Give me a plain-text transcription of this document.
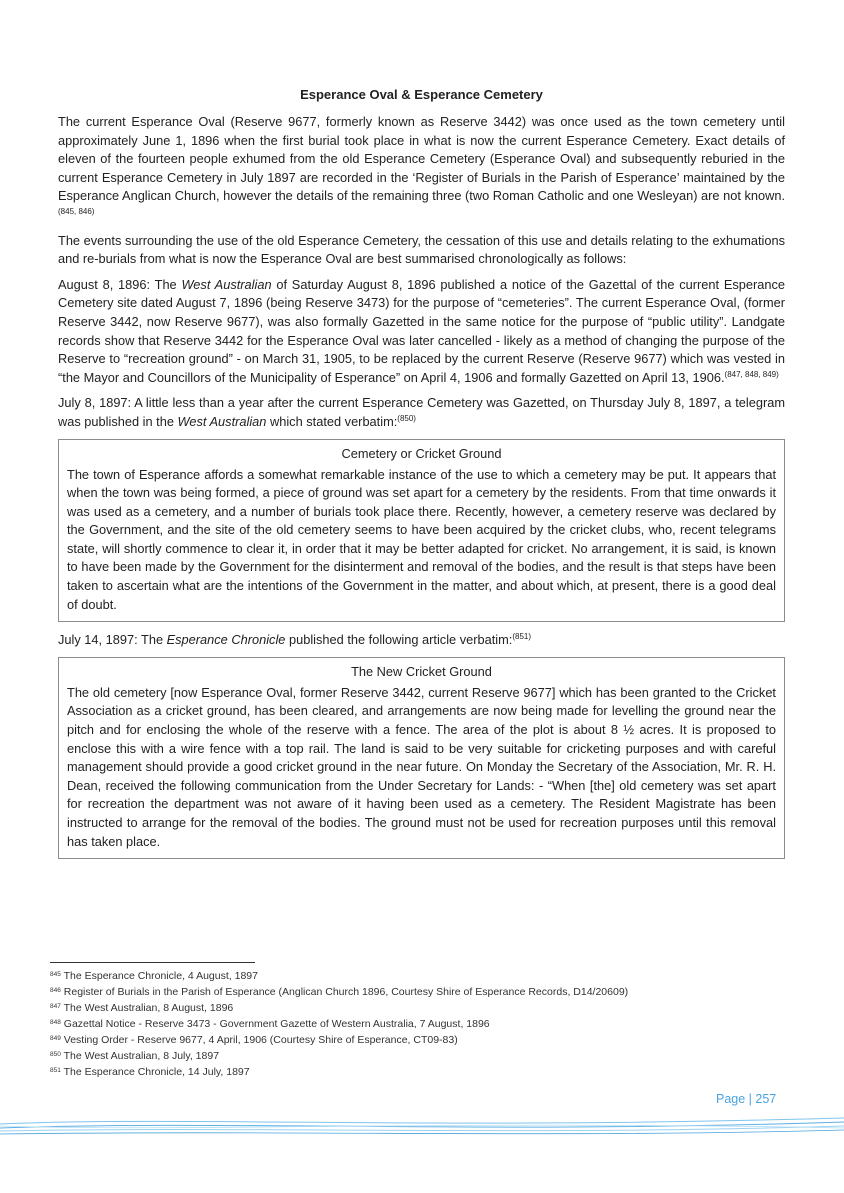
Esperance Oval & Esperance Cemetery

The current Esperance Oval (Reserve 9677, formerly known as Reserve 3442) was once used as the town cemetery until approximately June 1, 1896 when the first burial took place in what is now the current Esperance Cemetery. Exact details of eleven of the fourteen people exhumed from the old Esperance Cemetery (Esperance Oval) and subsequently reburied in the current Esperance Cemetery in July 1897 are recorded in the ‘Register of Burials in the Parish of Esperance’ maintained by the Esperance Anglican Church, however the details of the remaining three (two Roman Catholic and one Wesleyan) are not known.$^{(845, 846)}$

The events surrounding the use of the old Esperance Cemetery, the cessation of this use and details relating to the exhumations and re-burials from what is now the Esperance Oval are best summarised chronologically as follows:

August 8, 1896: The West Australian of Saturday August 8, 1896 published a notice of the Gazettal of the current Esperance Cemetery site dated August 7, 1896 (being Reserve 3473) for the purpose of “cemeteries”. The current Esperance Oval, (former Reserve 3442, now Reserve 9677), was also formally Gazetted in the same notice for the purpose of “public utility”. Landgate records show that Reserve 3442 for the Esperance Oval was later cancelled - likely as a method of changing the purpose of the Reserve to “recreation ground” - on March 31, 1905, to be replaced by the current Reserve (Reserve 9677) which was vested in “the Mayor and Councillors of the Municipality of Esperance” on April 4, 1906 and formally Gazetted on April 13, 1906.$^{(847, 848, 849)}$

July 8, 1897: A little less than a year after the current Esperance Cemetery was Gazetted, on Thursday July 8, 1897, a telegram was published in the West Australian which stated verbatim:$^{(850)}$

Cemetery or Cricket Ground

The town of Esperance affords a somewhat remarkable instance of the use to which a cemetery may be put. It appears that when the town was being formed, a piece of ground was set apart for a cemetery by the residents. From that time onwards it was used as a cemetery, and a number of burials took place there. Recently, however, a cemetery reserve was declared by the Government, and the site of the old cemetery seems to have been acquired by the cricket clubs, who, recent telegrams state, will shortly commence to clear it, in order that it may be better adapted for cricket. No arrangement, it is said, is known to have been made by the Government for the disinterment and removal of the bodies, and the result is that steps have been taken to ascertain what are the intentions of the Government in the matter, and about which, at present, there is a good deal of doubt.

July 14, 1897: The Esperance Chronicle published the following article verbatim:$^{(851)}$

The New Cricket Ground

The old cemetery [now Esperance Oval, former Reserve 3442, current Reserve 9677] which has been granted to the Cricket Association as a cricket ground, has been cleared, and arrangements are now being made for levelling the ground near the pitch and for enclosing the whole of the reserve with a fence. The area of the plot is about 8 ½ acres. It is proposed to enclose this with a wire fence with a top rail. The land is said to be very suitable for cricketing purposes and with careful management should provide a good cricket ground in the near future. On Monday the Secretary of the Association, Mr. R. H. Dean, received the following communication from the Under Secretary for Lands: - “When [the] old cemetery was set apart for recreation the department was not aware of it having been used as a cemetery. The Resident Magistrate has been instructed to arrange for the removal of the bodies. The ground must not be used for recreation purposes until this removal has taken place.

$^{845}$ The Esperance Chronicle, 4 August, 1897
$^{846}$ Register of Burials in the Parish of Esperance (Anglican Church 1896, Courtesy Shire of Esperance Records, D14/20609)
$^{847}$ The West Australian, 8 August, 1896
$^{848}$ Gazettal Notice - Reserve 3473 - Government Gazette of Western Australia, 7 August, 1896
$^{849}$ Vesting Order - Reserve 9677, 4 April, 1906 (Courtesy Shire of Esperance, CT09-83)
$^{850}$ The West Australian, 8 July, 1897
$^{851}$ The Esperance Chronicle, 14 July, 1897
Page | 257
